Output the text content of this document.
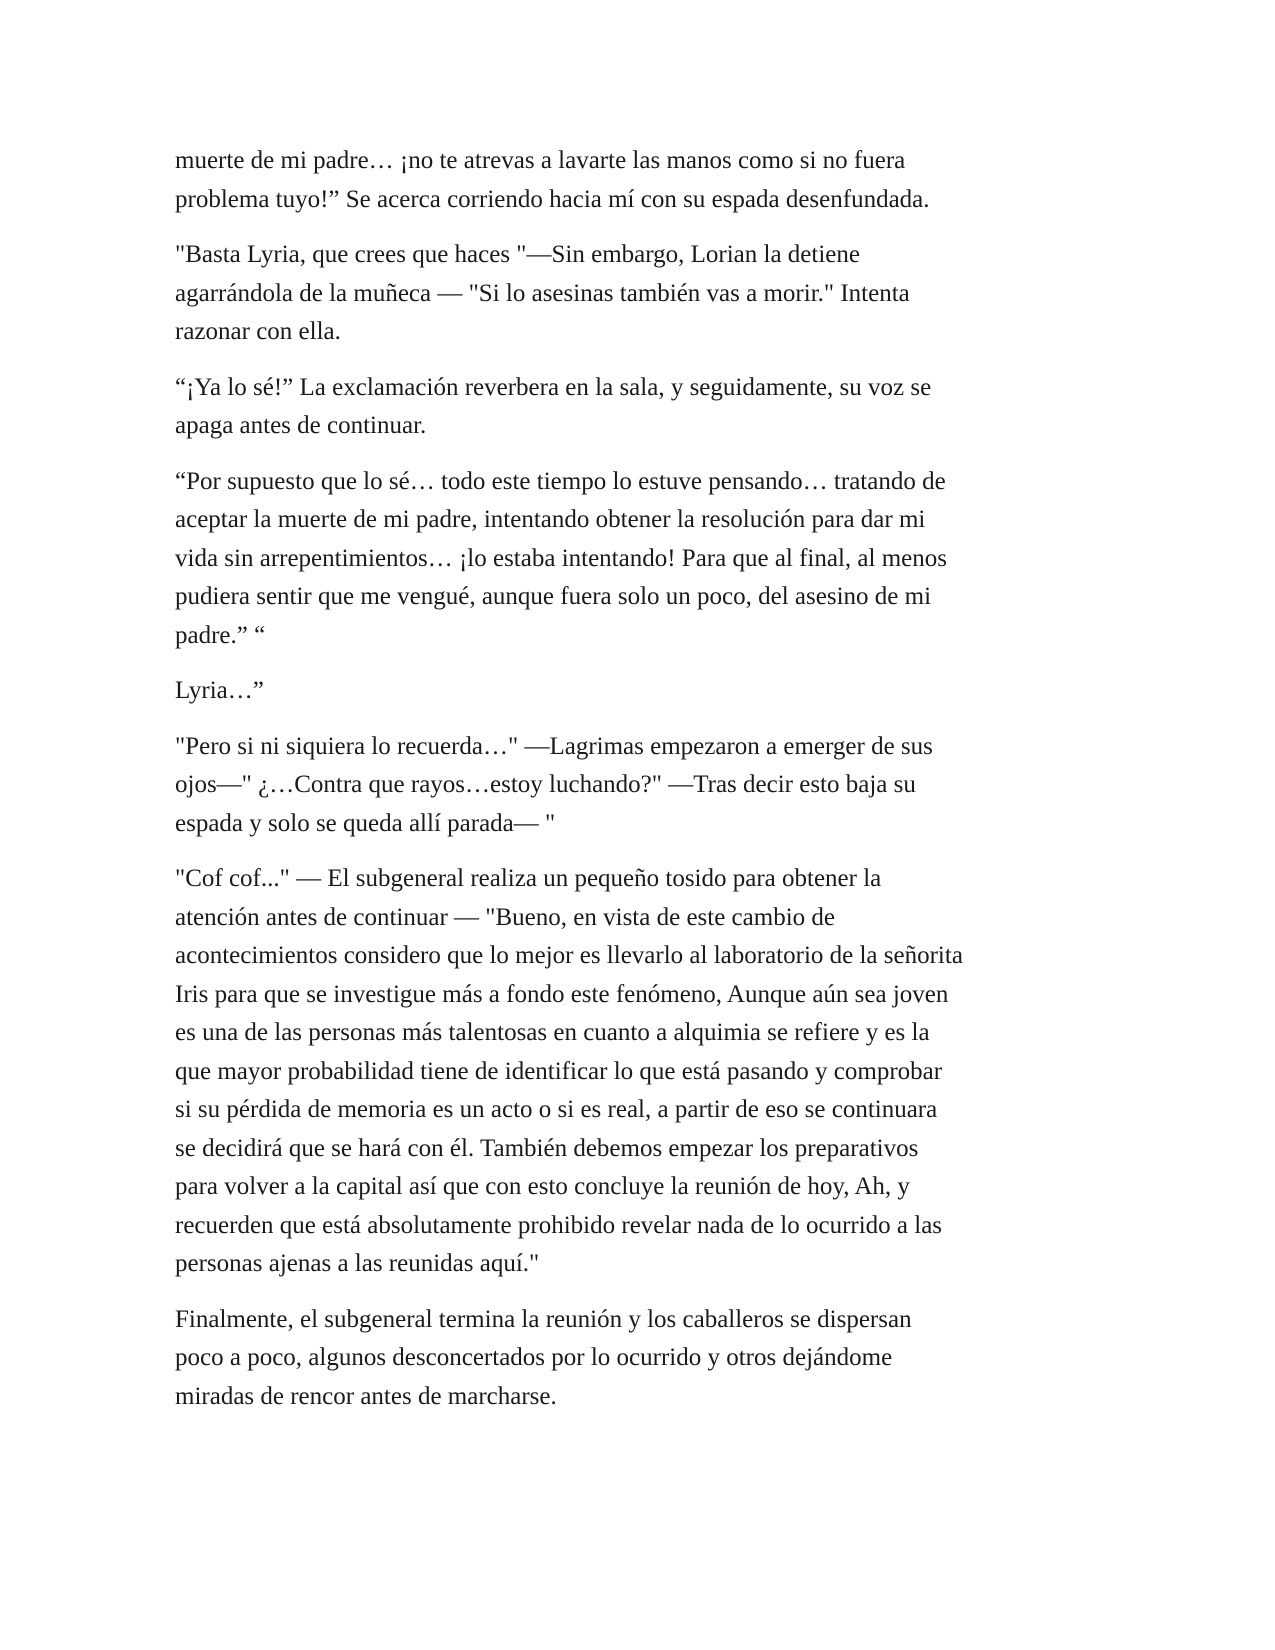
muerte de mi padre… ¡no te atrevas a lavarte las manos como si no fuera
problema tuyo!” Se acerca corriendo hacia mí con su espada desenfundada.

"Basta Lyria, que crees que haces "—Sin embargo, Lorian la detiene
agarrándola de la muñeca — "Si lo asesinas también vas a morir." Intenta
razonar con ella.

“¡Ya lo sé!” La exclamación reverbera en la sala, y seguidamente, su voz se
apaga antes de continuar.

“Por supuesto que lo sé… todo este tiempo lo estuve pensando… tratando de
aceptar la muerte de mi padre, intentando obtener la resolución para dar mi
vida sin arrepentimientos… ¡lo estaba intentando! Para que al final, al menos
pudiera sentir que me vengué, aunque fuera solo un poco, del asesino de mi
padre.” “

Lyria…”

"Pero si ni siquiera lo recuerda…" —Lagrimas empezaron a emerger de sus
ojos—" ¿…Contra que rayos…estoy luchando?" —Tras decir esto baja su
espada y solo se queda allí parada— "

"Cof cof..." — El subgeneral realiza un pequeño tosido para obtener la
atención antes de continuar — "Bueno, en vista de este cambio de
acontecimientos considero que lo mejor es llevarlo al laboratorio de la señorita
Iris para que se investigue más a fondo este fenómeno, Aunque aún sea joven
es una de las personas más talentosas en cuanto a alquimia se refiere y es la
que mayor probabilidad tiene de identificar lo que está pasando y comprobar
si su pérdida de memoria es un acto o si es real, a partir de eso se continuara
se decidirá que se hará con él. También debemos empezar los preparativos
para volver a la capital así que con esto concluye la reunión de hoy, Ah, y
recuerden que está absolutamente prohibido revelar nada de lo ocurrido a las
personas ajenas a las reunidas aquí."

Finalmente, el subgeneral termina la reunión y los caballeros se dispersan
poco a poco, algunos desconcertados por lo ocurrido y otros dejándome
miradas de rencor antes de marcharse.
